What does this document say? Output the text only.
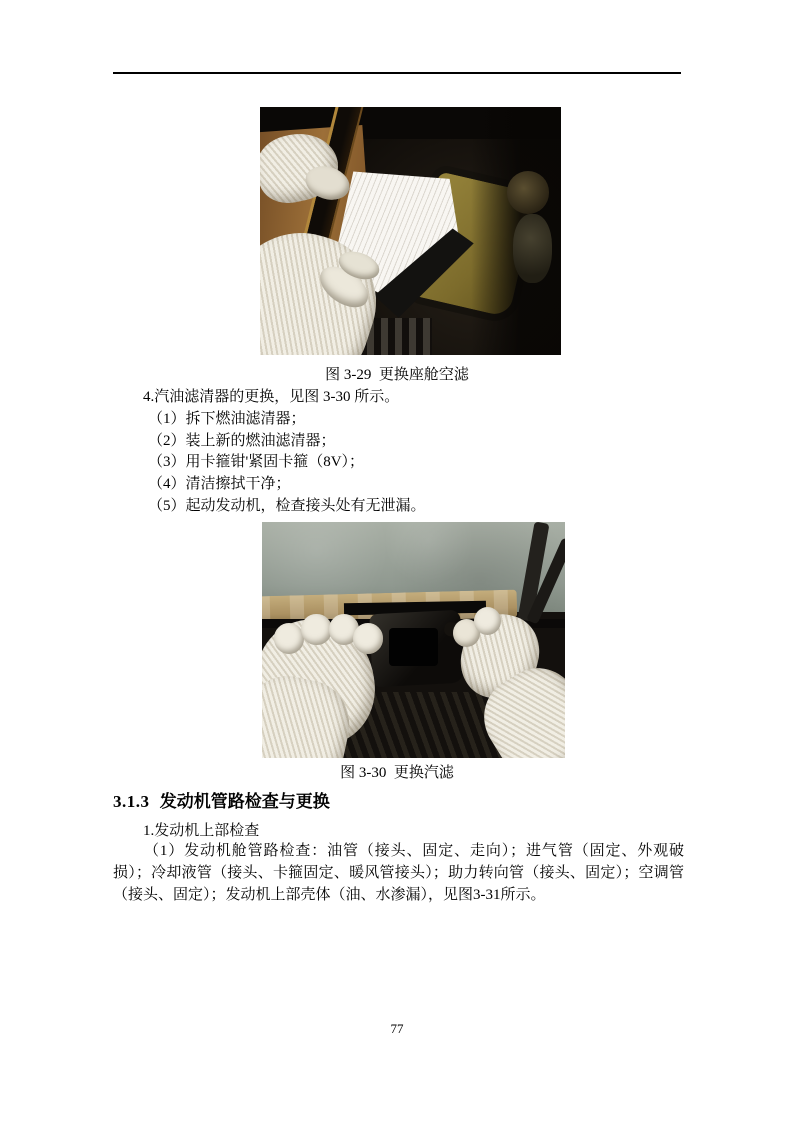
图 3-29  更换座舱空滤
4.汽油滤清器的更换，见图 3-30 所示。
（1）拆下燃油滤清器；
（2）装上新的燃油滤清器；
（3）用卡箍钳'紧固卡箍（8V）；
（4）清洁擦拭干净；
（5）起动发动机，检查接头处有无泄漏。
图 3-30  更换汽滤
3.1.3 发动机管路检查与更换
1.发动机上部检查
（1）发动机舱管路检查：油管（接头、固定、走向）；进气管（固定、外观破损）；冷却液管（接头、卡箍固定、暖风管接头）；助力转向管（接头、固定）；空调管（接头、固定）；发动机上部壳体（油、水渗漏），见图3-31所示。
77
